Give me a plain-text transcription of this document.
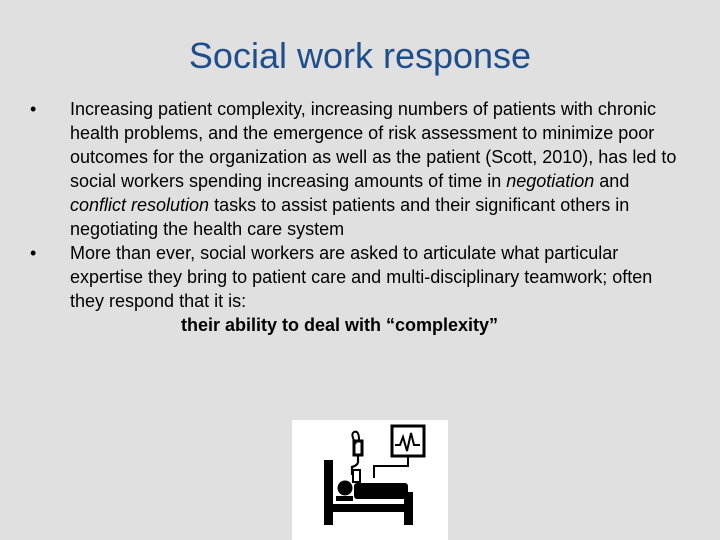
Social work response
•	Increasing patient complexity, increasing numbers of patients with chronic health problems, and the emergence of risk assessment to minimize poor outcomes for the organization as well as the patient (Scott, 2010), has led to social workers spending increasing amounts of time in negotiation and conflict resolution tasks to assist patients and their significant others in negotiating the health care system
•	More than ever, social workers are asked to articulate what particular expertise they bring to patient care and multi-disciplinary teamwork; often they respond that it is:
their ability to deal with “complexity”
